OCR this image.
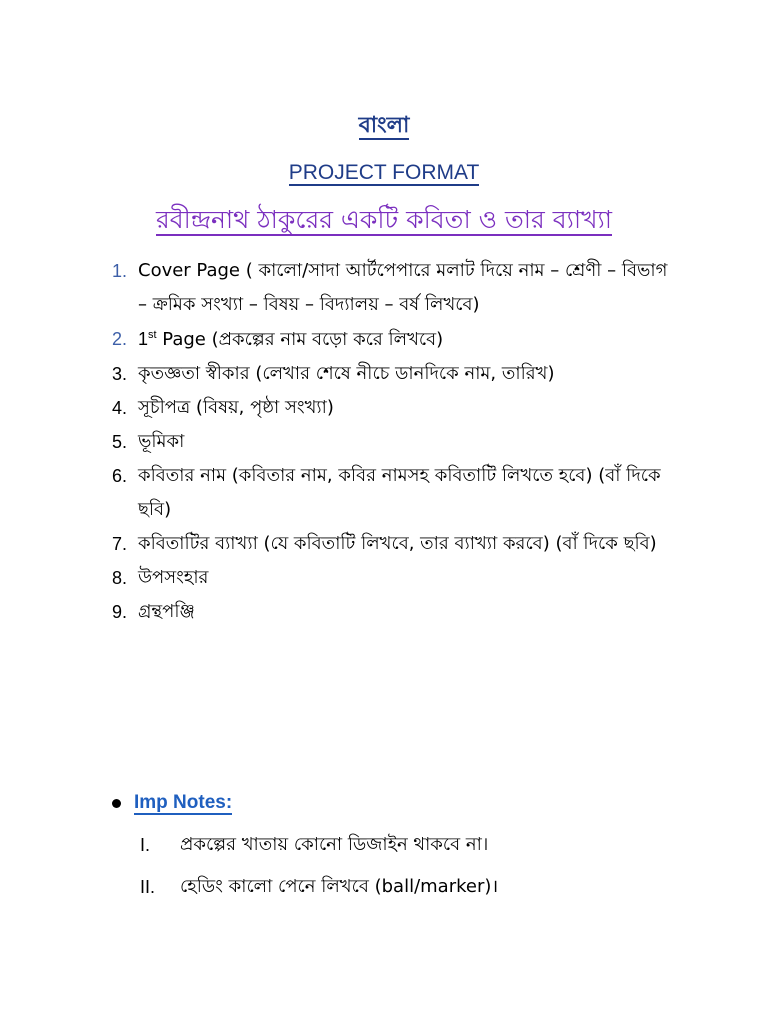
বাংলা
PROJECT FORMAT
রবীন্দ্রনাথ ঠাকুরের একটি কবিতা ও তার ব্যাখ্যা
1. Cover Page ( কালো/সাদা আর্টপেপারে মলাট দিয়ে নাম – শ্রেণী – বিভাগ – ক্রমিক সংখ্যা – বিষয় – বিদ্যালয় – বর্ষ লিখবে)
2. 1st Page (প্রকল্পের নাম বড়ো করে লিখবে)
3. কৃতজ্ঞতা স্বীকার (লেখার শেষে নীচে ডানদিকে নাম, তারিখ)
4. সূচীপত্র (বিষয়, পৃষ্ঠা সংখ্যা)
5. ভূমিকা
6. কবিতার নাম (কবিতার নাম, কবির নামসহ কবিতাটি লিখতে হবে) (বাঁ দিকে ছবি)
7. কবিতাটির ব্যাখ্যা (যে কবিতাটি লিখবে, তার ব্যাখ্যা করবে) (বাঁ দিকে ছবি)
8. উপসংহার
9. গ্রন্থপঞ্জি
Imp Notes:
I.	প্রকল্পের খাতায় কোনো ডিজাইন থাকবে না।
II.	হেডিং কালো পেনে লিখবে (ball/marker)।
